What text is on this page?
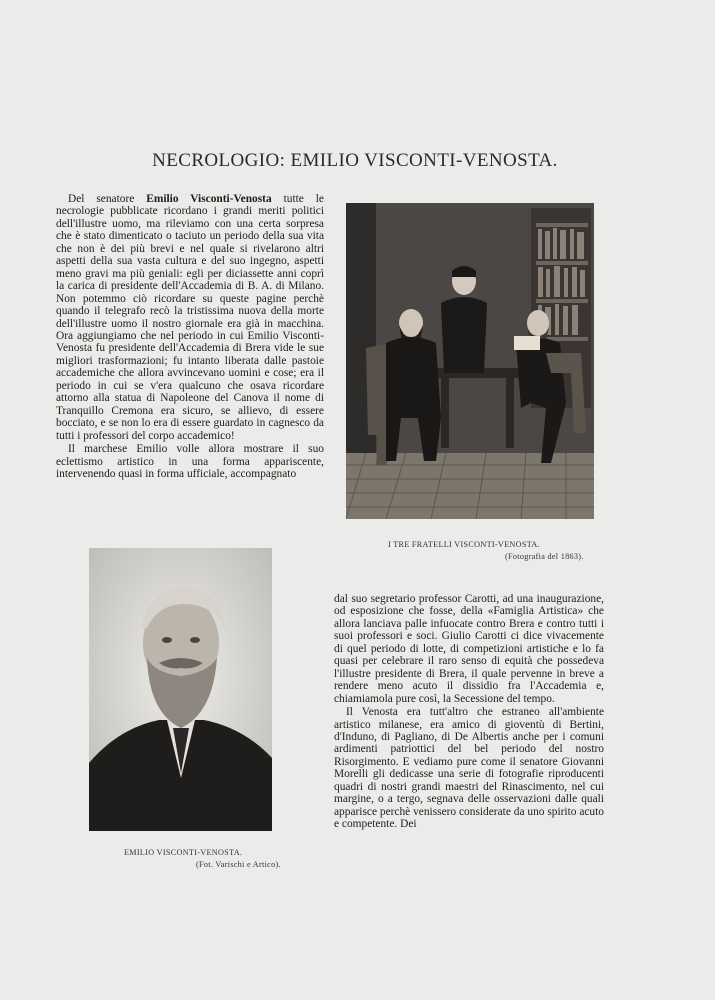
NECROLOGIO: EMILIO VISCONTI-VENOSTA.

Del senatore Emilio Visconti-Venosta tutte le necrologie pubblicate ricordano i grandi meriti politici dell'illustre uomo, ma rileviamo con una certa sorpresa che è stato dimenticato o taciuto un periodo della sua vita che non è dei più brevi e nel quale si rivelarono altri aspetti della sua vasta cultura e del suo ingegno, aspetti meno gravi ma più geniali: egli per diciassette anni coprì la carica di presidente dell'Accademia di B. A. di Milano. Non potemmo ciò ricordare su queste pagine perchè quando il telegrafo recò la tristissima nuova della morte dell'illustre uomo il nostro giornale era già in macchina. Ora aggiungiamo che nel periodo in cui Emilio Visconti-Venosta fu presidente dell'Accademia di Brera vide le sue migliori trasformazioni; fu intanto liberata dalle pastoie accademiche che allora avvincevano uomini e cose; era il periodo in cui se v'era qualcuno che osava ricordare attorno alla statua di Napoleone del Canova il nome di Tranquillo Cremona era sicuro, se allievo, di essere bocciato, e se non lo era di essere guardato in cagnesco da tutti i professori del corpo accademico!

Il marchese Emilio volle allora mostrare il suo eclettismo artistico in una forma appariscente, intervenendo quasi in forma ufficiale, accompagnato

I TRE FRATELLI VISCONTI-VENOSTA.
(Fotografia del 1863).
EMILIO VISCONTI-VENOSTA.
(Fot. Varischi e Artico).

dal suo segretario professor Carotti, ad una inaugurazione, od esposizione che fosse, della «Famiglia Artistica» che allora lanciava palle infuocate contro Brera e contro tutti i suoi professori e soci. Giulio Carotti ci dice vivacemente di quel periodo di lotte, di competizioni artistiche e lo fa quasi per celebrare il raro senso di equità che possedeva l'illustre presidente di Brera, il quale pervenne in breve a rendere meno acuto il dissidio fra l'Accademia e, chiamiamola pure così, la Secessione del tempo.

Il Venosta era tutt'altro che estraneo all'ambiente artistico milanese, era amico di gioventù di Bertini, d'Induno, di Pagliano, di De Albertis anche per i comuni ardimenti patriottici del bel periodo del nostro Risorgimento. E vediamo pure come il senatore Giovanni Morelli gli dedicasse una serie di fotografie riproducenti quadri di nostri grandi maestri del Rinascimento, nel cui margine, o a tergo, segnava delle osservazioni dalle quali apparisce perchè venissero considerate da uno spirito acuto e competente. Dei
